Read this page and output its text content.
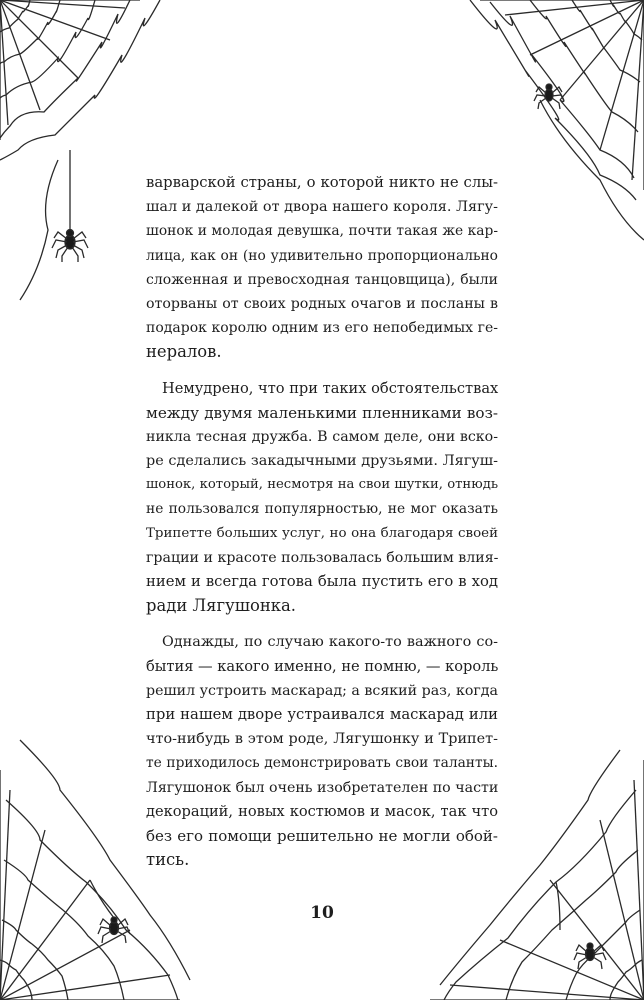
варварской страны, о которой никто не слы-
шал и далекой от двора нашего короля. Лягу-
шонок и молодая девушка, почти такая же кар-
лица, как он (но удивительно пропорционально
сложенная и превосходная танцовщица), были
оторваны от своих родных очагов и посланы в
подарок королю одним из его непобедимых ге-
нералов.
Немудрено, что при таких обстоятельствах
между двумя маленькими пленниками воз-
никла тесная дружба. В самом деле, они вско-
ре сделались закадычными друзьями. Лягуш-
шонок, который, несмотря на свои шутки, отнюдь
не пользовался популярностью, не мог оказать
Трипетте больших услуг, но она благодаря своей
грации и красоте пользовалась большим влия-
нием и всегда готова была пустить его в ход
ради Лягушонка.
Однажды, по случаю какого-то важного со-
бытия — какого именно, не помню, — король
решил устроить маскарад; а всякий раз, когда
при нашем дворе устраивался маскарад или
что-нибудь в этом роде, Лягушонку и Трипет-
те приходилось демонстрировать свои таланты.
Лягушонок был очень изобретателен по части
декораций, новых костюмов и масок, так что
без его помощи решительно не могли обой-
тись.
10
